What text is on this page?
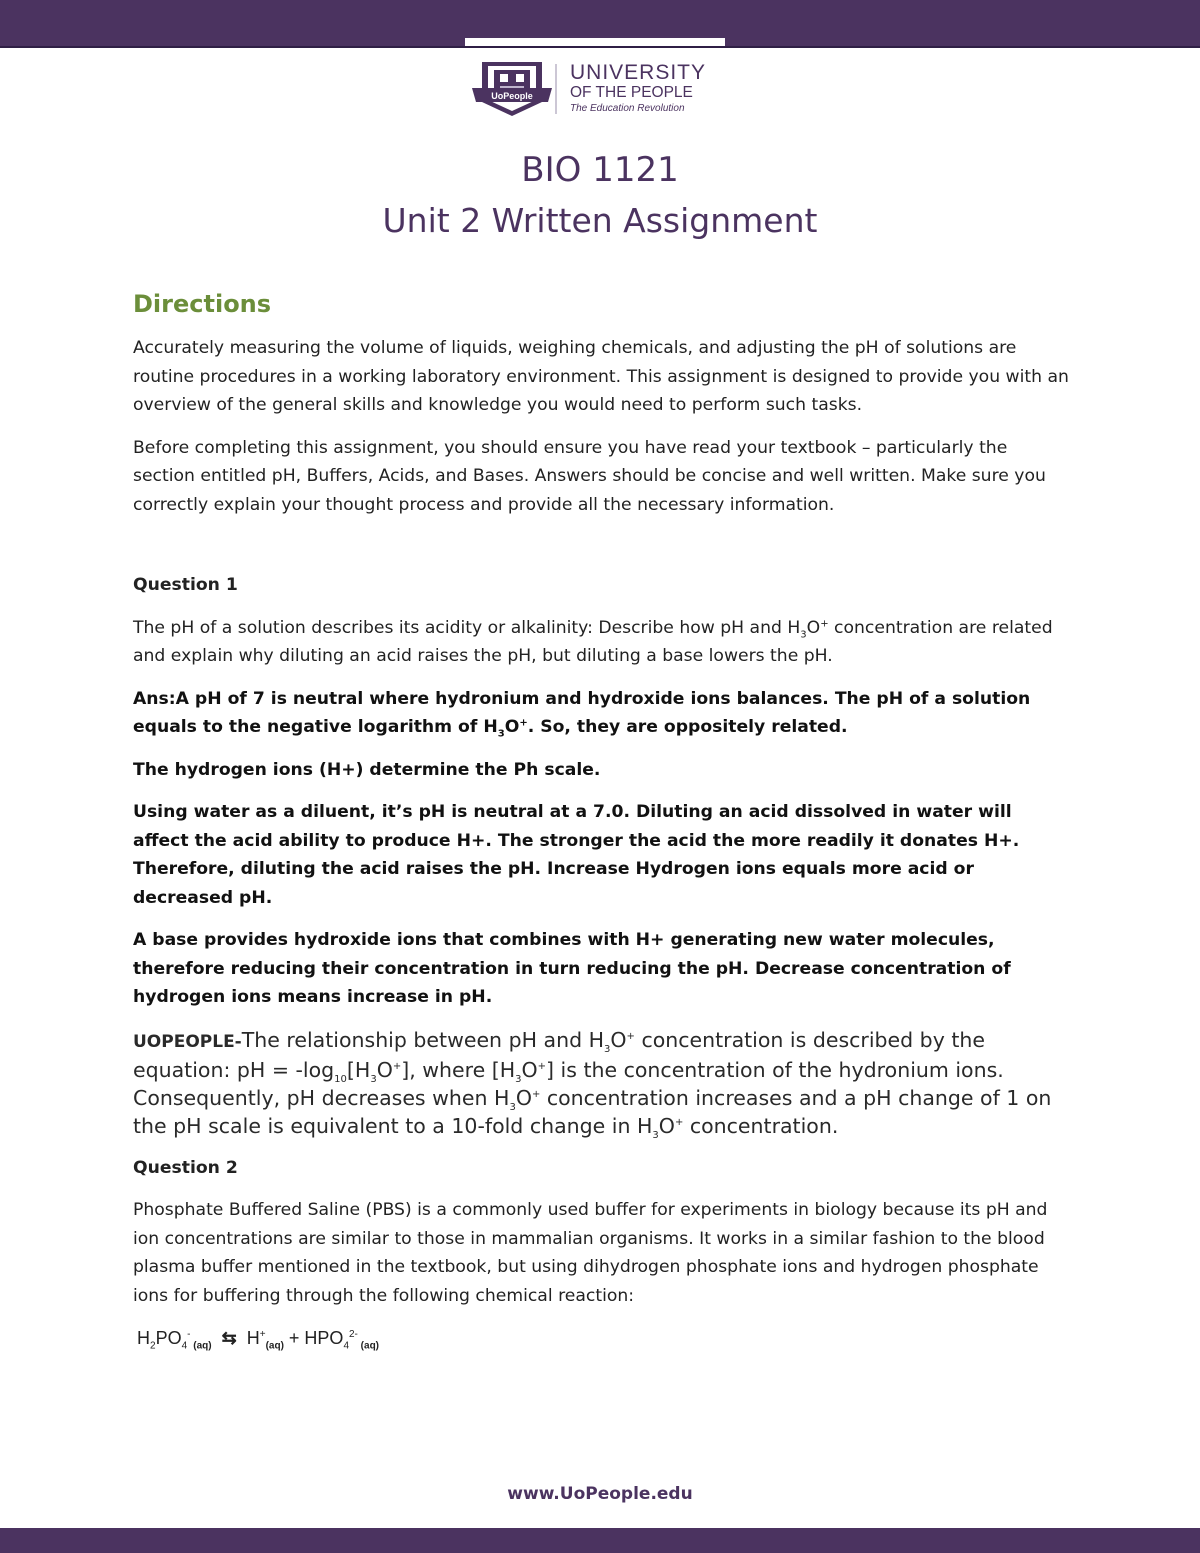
UoPeople
UNIVERSITY
OF THE PEOPLE
The Education Revolution
BIO 1121
Unit 2 Written Assignment

Directions

Accurately measuring the volume of liquids, weighing chemicals, and adjusting the pH of solutions are routine procedures in a working laboratory environment. This assignment is designed to provide you with an overview of the general skills and knowledge you would need to perform such tasks.

Before completing this assignment, you should ensure you have read your textbook – particularly the section entitled pH, Buffers, Acids, and Bases. Answers should be concise and well written. Make sure you correctly explain your thought process and provide all the necessary information.

Question 1

The pH of a solution describes its acidity or alkalinity: Describe how pH and $H_3O^+$ concentration are related and explain why diluting an acid raises the pH, but diluting a base lowers the pH.

Ans:A pH of 7 is neutral where hydronium and hydroxide ions balances. The pH of a solution equals to the negative logarithm of $H_3O^+$. So, they are oppositely related.

The hydrogen ions (H+) determine the Ph scale.

Using water as a diluent, it’s pH is neutral at a 7.0. Diluting an acid dissolved in water will affect the acid ability to produce H+. The stronger the acid the more readily it donates H+. Therefore, diluting the acid raises the pH. Increase Hydrogen ions equals more acid or decreased pH.

A base provides hydroxide ions that combines with H+ generating new water molecules, therefore reducing their concentration in turn reducing the pH. Decrease concentration of hydrogen ions means increase in pH.

UOPEOPLE-The relationship between pH and $H_3O^+$ concentration is described by the equation: pH = $-\log_{10}[H_3O^+]$, where $[H_3O^+]$ is the concentration of the hydronium ions. Consequently, pH decreases when $H_3O^+$ concentration increases and a pH change of 1 on the pH scale is equivalent to a 10-fold change in $H_3O^+$ concentration.

Question 2

Phosphate Buffered Saline (PBS) is a commonly used buffer for experiments in biology because its pH and ion concentrations are similar to those in mammalian organisms. It works in a similar fashion to the blood plasma buffer mentioned in the textbook, but using dihydrogen phosphate ions and hydrogen phosphate ions for buffering through the following chemical reaction:

$H_2PO_4^-$ $_{(aq)}$ ⇆ $H^+_{(aq)} + HPO_4^{2-}$ $_{(aq)}$

www.UoPeople.edu
